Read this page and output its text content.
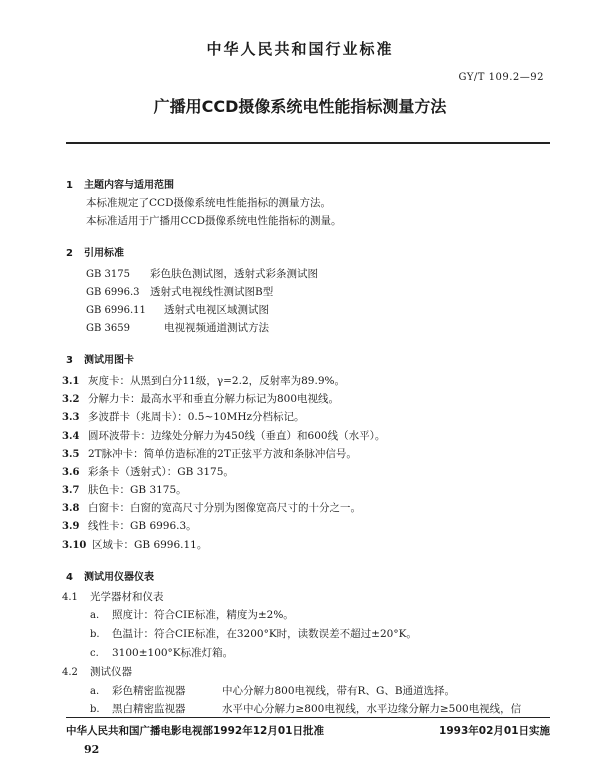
中华人民共和国行业标准
GY/T 109.2—92
广播用CCD摄像系统电性能指标测量方法
1 主题内容与适用范围
本标准规定了CCD摄像系统电性能指标的测量方法。
本标准适用于广播用CCD摄像系统电性能指标的测量。
2 引用标准
GB 3175 彩色肤色测试图，透射式彩条测试图
GB 6996.3 透射式电视线性测试图B型
GB 6996.11 透射式电视区域测试图
GB 3659	电视视频通道测试方法
3 测试用图卡
3.1 灰度卡：从黑到白分11级，γ=2.2，反射率为89.9%。
3.2 分解力卡：最高水平和垂直分解力标记为800电视线。
3.3 多波群卡（兆周卡）：0.5~10MHz分档标记。
3.4 圆环波带卡：边缘处分解力为450线（垂直）和600线（水平）。
3.5 2T脉冲卡：简单仿造标准的2T正弦平方波和条脉冲信号。
3.6 彩条卡（透射式）：GB 3175。
3.7 肤色卡：GB 3175。
3.8 白窗卡：白窗的宽高尺寸分别为图像宽高尺寸的十分之一。
3.9 线性卡：GB 6996.3。
3.10 区域卡：GB 6996.11。
4 测试用仪器仪表
4.1 光学器材和仪表
a. 照度计：符合CIE标准，精度为±2%。
b. 色温计：符合CIE标准，在3200°K时，读数误差不超过±20°K。
c. 3100±100°K标准灯箱。
4.2 测试仪器
a. 彩色精密监视器	中心分解力800电视线，带有R、G、B通道选择。
b. 黑白精密监视器	水平中心分解力≥800电视线，水平边缘分解力≥500电视线，信
中华人民共和国广播电影电视部1992年12月01日批准	1993年02月01日实施
92
